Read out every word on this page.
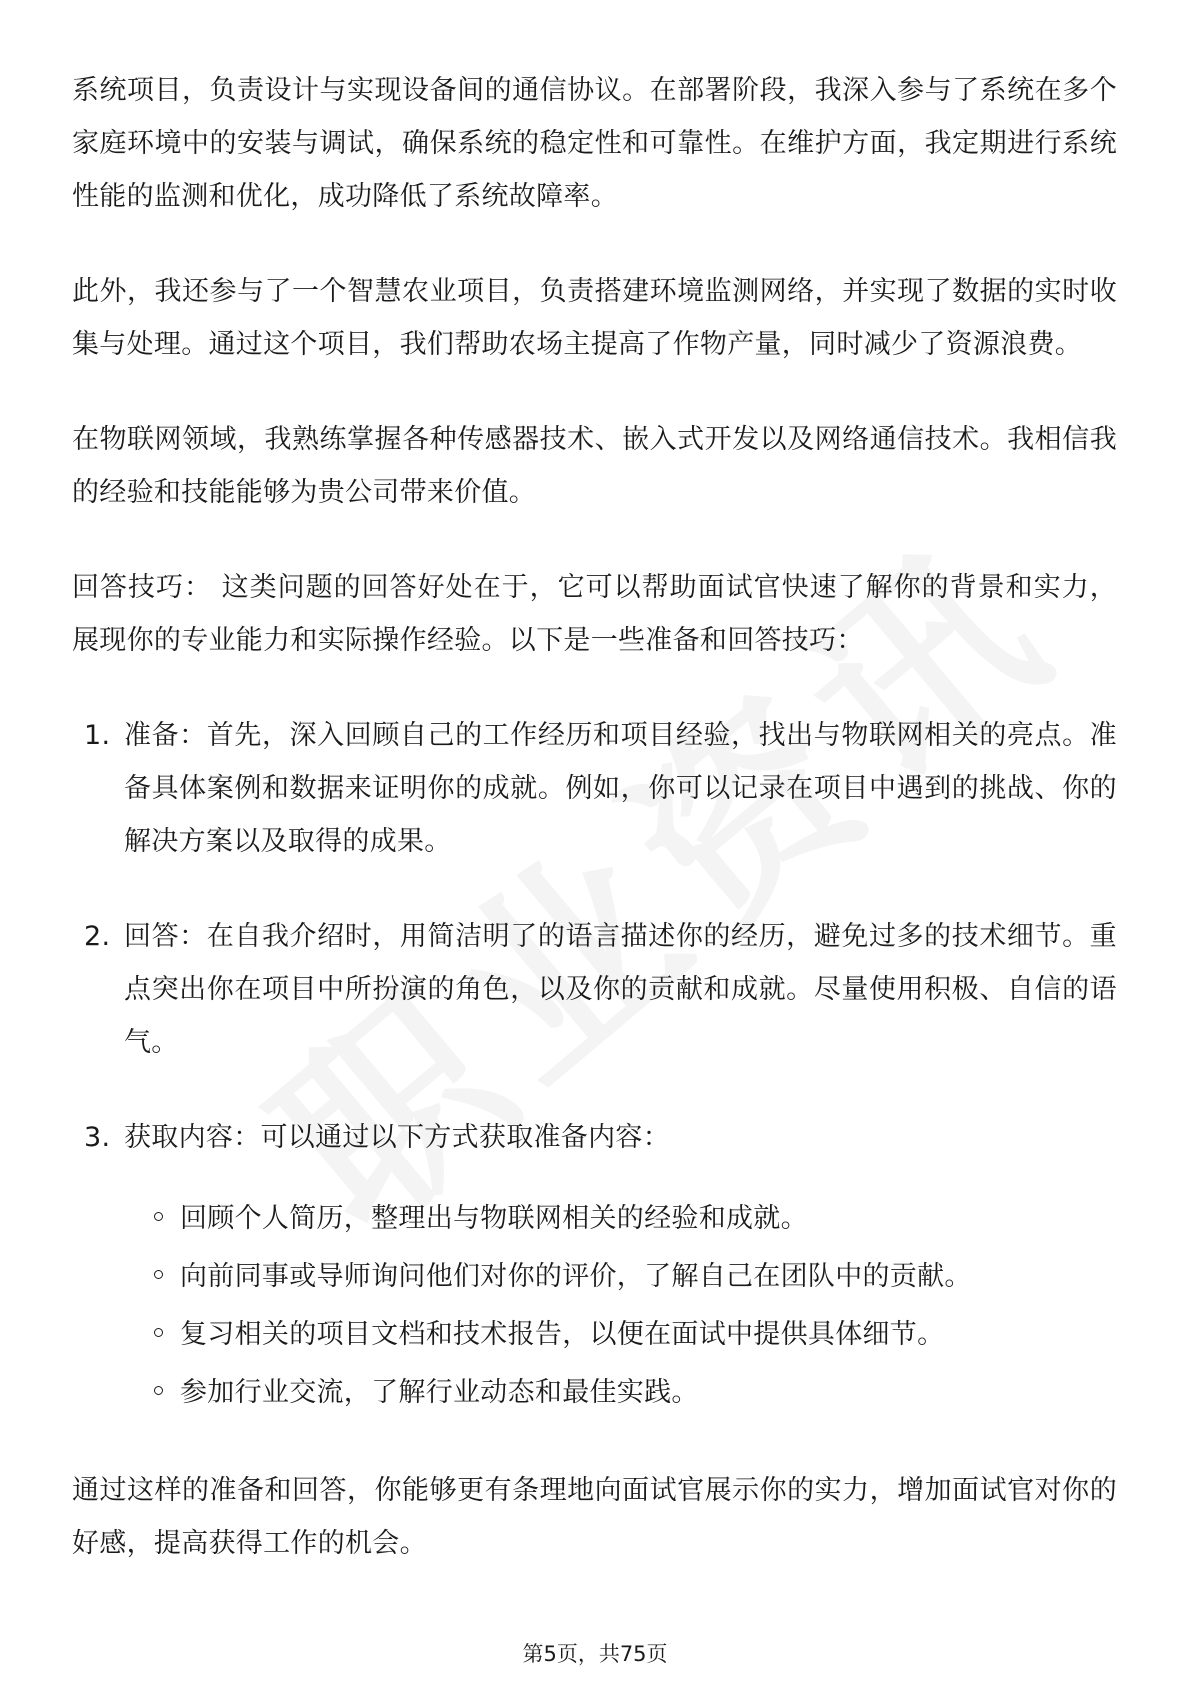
系统项目，负责设计与实现设备间的通信协议。在部署阶段，我深入参与了系统在多个家庭环境中的安装与调试，确保系统的稳定性和可靠性。在维护方面，我定期进行系统性能的监测和优化，成功降低了系统故障率。

此外，我还参与了一个智慧农业项目，负责搭建环境监测网络，并实现了数据的实时收集与处理。通过这个项目，我们帮助农场主提高了作物产量，同时减少了资源浪费。

在物联网领域，我熟练掌握各种传感器技术、嵌入式开发以及网络通信技术。我相信我的经验和技能能够为贵公司带来价值。

回答技巧： 这类问题的回答好处在于，它可以帮助面试官快速了解你的背景和实力，展现你的专业能力和实际操作经验。以下是一些准备和回答技巧：

1. 准备：首先，深入回顾自己的工作经历和项目经验，找出与物联网相关的亮点。准备具体案例和数据来证明你的成就。例如，你可以记录在项目中遇到的挑战、你的解决方案以及取得的成果。
2. 回答：在自我介绍时，用简洁明了的语言描述你的经历，避免过多的技术细节。重点突出你在项目中所扮演的角色，以及你的贡献和成就。尽量使用积极、自信的语气。
3. 获取内容：可以通过以下方式获取准备内容：
回顾个人简历，整理出与物联网相关的经验和成就。
向前同事或导师询问他们对你的评价，了解自己在团队中的贡献。
复习相关的项目文档和技术报告，以便在面试中提供具体细节。
参加行业交流，了解行业动态和最佳实践。

通过这样的准备和回答，你能够更有条理地向面试官展示你的实力，增加面试官对你的好感，提高获得工作的机会。

第5页，共75页
